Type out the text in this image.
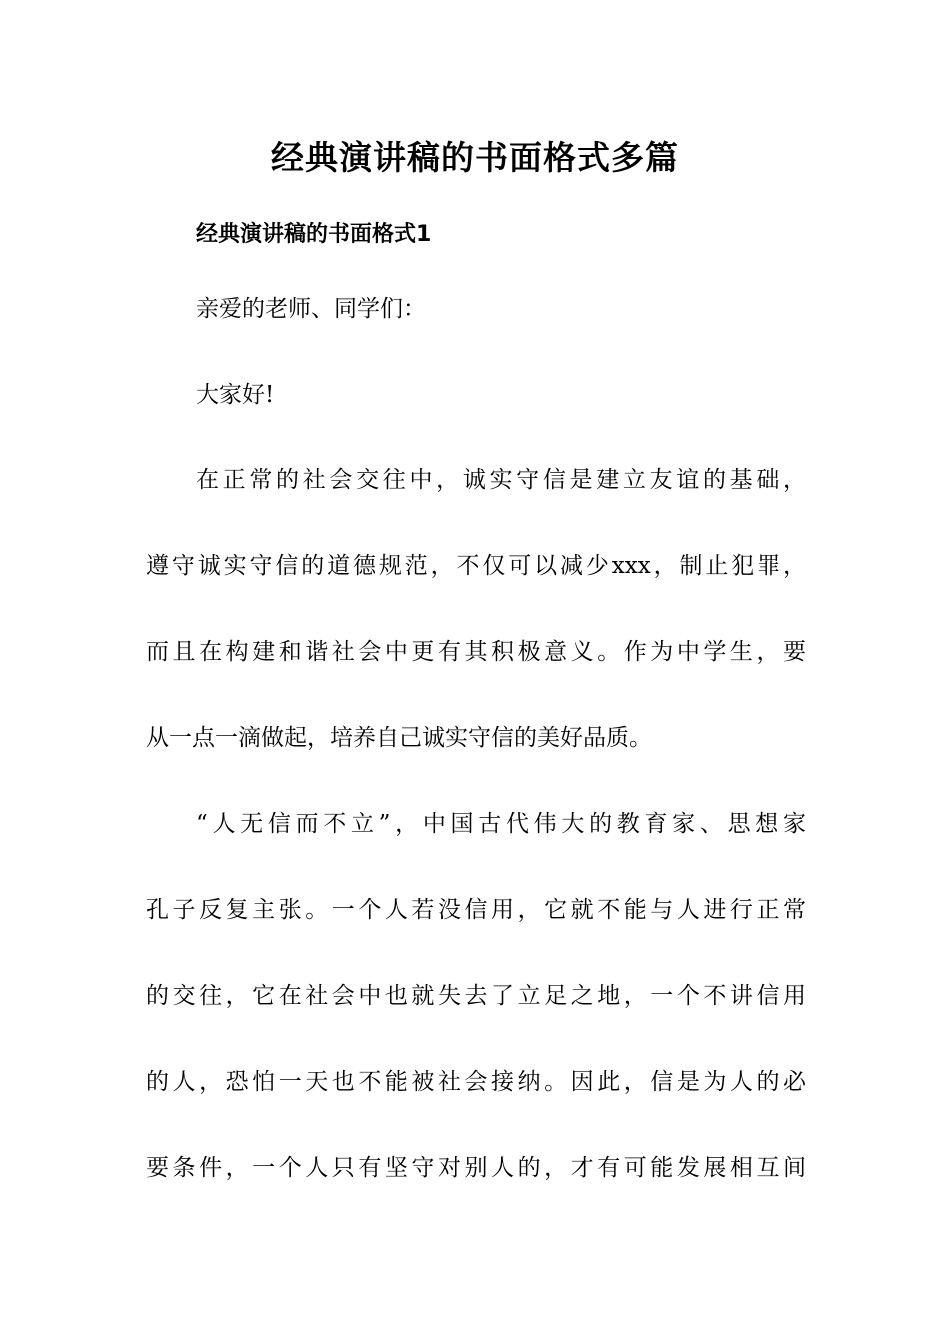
经典演讲稿的书面格式多篇
经典演讲稿的书面格式1

亲爱的老师、同学们：

大家好!

在正常的社会交往中，诚实守信是建立友谊的基础，

遵守诚实守信的道德规范，不仅可以减少xxx，制止犯罪，

而且在构建和谐社会中更有其积极意义。作为中学生，要

从一点一滴做起，培养自己诚实守信的美好品质。

“人无信而不立”，中国古代伟大的教育家、思想家

孔子反复主张。一个人若没信用，它就不能与人进行正常

的交往，它在社会中也就失去了立足之地，一个不讲信用

的人，恐怕一天也不能被社会接纳。因此，信是为人的必

要条件，一个人只有坚守对别人的，才有可能发展相互间
